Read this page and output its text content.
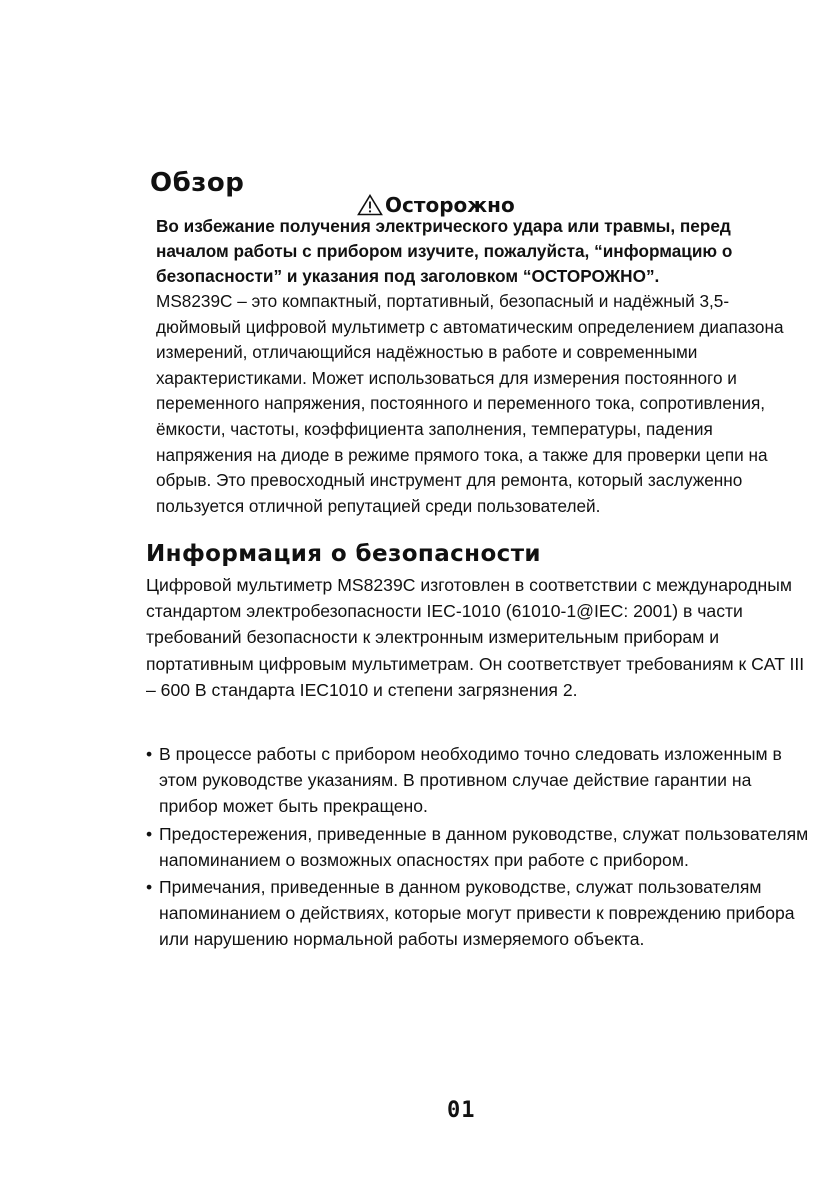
Обзор
Осторожно

Во избежание получения электрического удара или травмы, перед началом работы с прибором изучите, пожалуйста, “информацию о безопасности” и указания под заголовком “ОСТОРОЖНО”.

MS8239C – это компактный, портативный, безопасный и надёжный 3,5-дюймовый цифровой мультиметр с автоматическим определением диапазона измерений, отличающийся надёжностью в работе и современными характеристиками. Может использоваться для измерения постоянного и переменного напряжения, постоянного и переменного тока, сопротивления, ёмкости, частоты, коэффициента заполнения, температуры, падения напряжения на диоде в режиме прямого тока, а также для проверки цепи на обрыв. Это превосходный инструмент для ремонта, который заслуженно пользуется отличной репутацией среди пользователей.

Информация о безопасности

Цифровой мультиметр MS8239C изготовлен в соответствии с международным стандартом электробезопасности IEC-1010 (61010-1@IEC: 2001) в части требований безопасности к электронным измерительным приборам и портативным цифровым мультиметрам. Он соответствует требованиям к CAT III – 600 В стандарта IEC1010 и степени загрязнения 2.

• В процессе работы с прибором необходимо точно следовать изложенным в этом руководстве указаниям. В противном случае действие гарантии на прибор может быть прекращено.
• Предостережения, приведенные в данном руководстве, служат пользователям напоминанием о возможных опасностях при работе с прибором.
• Примечания, приведенные в данном руководстве, служат пользователям напоминанием о действиях, которые могут привести к повреждению прибора или нарушению нормальной работы измеряемого объекта.
01
